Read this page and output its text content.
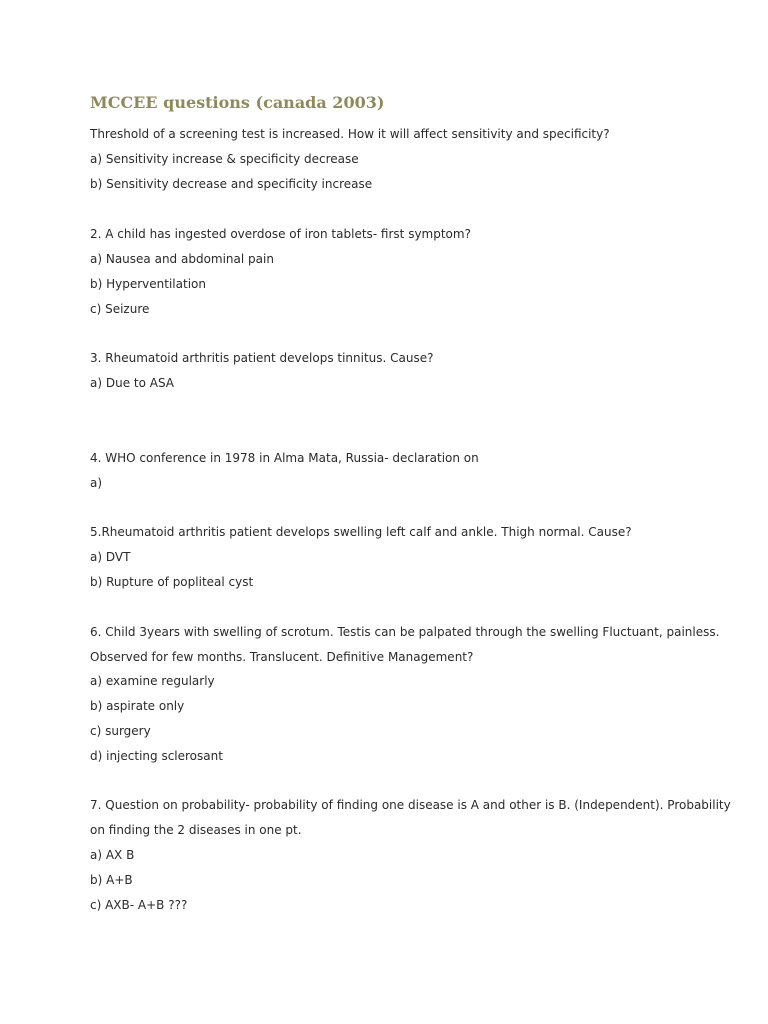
MCCEE questions (canada 2003)
Threshold of a screening test is increased. How it will affect sensitivity and specificity?
a) Sensitivity increase & specificity decrease
b) Sensitivity decrease and specificity increase
2. A child has ingested overdose of iron tablets- first symptom?
a) Nausea and abdominal pain
b) Hyperventilation
c) Seizure
3. Rheumatoid arthritis patient develops tinnitus. Cause?
a) Due to ASA
4. WHO conference in 1978 in Alma Mata, Russia- declaration on
a)
5.Rheumatoid arthritis patient develops swelling left calf and ankle. Thigh normal. Cause?
a) DVT
b) Rupture of popliteal cyst
6. Child 3years with swelling of scrotum. Testis can be palpated through the swelling Fluctuant, painless.
Observed for few months. Translucent. Definitive Management?
a) examine regularly
b) aspirate only
c) surgery
d) injecting sclerosant
7. Question on probability- probability of finding one disease is A and other is B. (Independent). Probability
on finding the 2 diseases in one pt.
a) AX B
b) A+B
c) AXB- A+B ???
